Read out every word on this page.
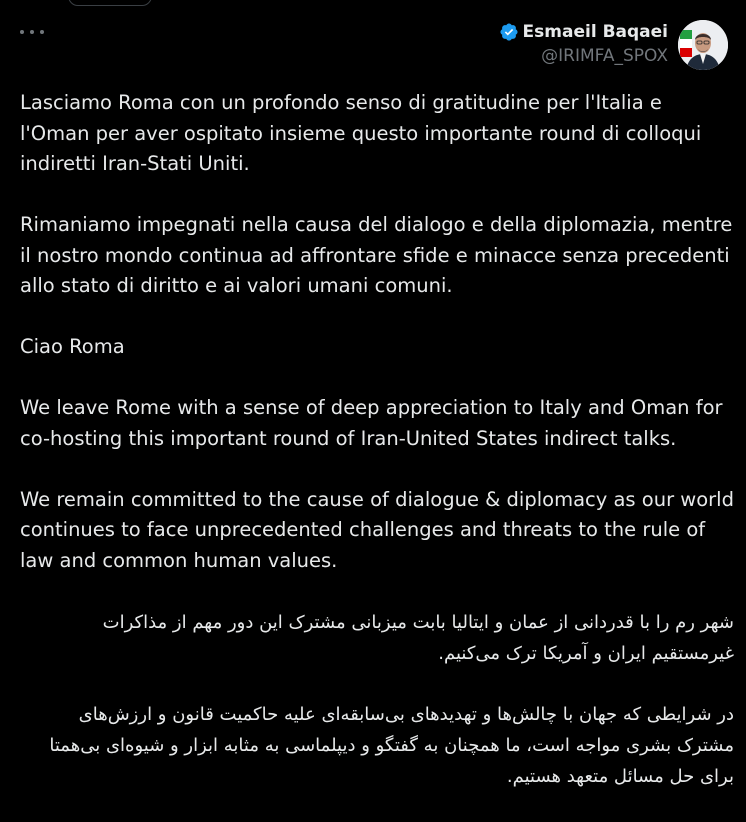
Esmaeil Baqaei
@IRIMFA_SPOX

Lasciamo Roma con un profondo senso di gratitudine per l'Italia e l'Oman per aver ospitato insieme questo importante round di colloqui indiretti Iran-Stati Uniti.

Rimaniamo impegnati nella causa del dialogo e della diplomazia, mentre il nostro mondo continua ad affrontare sfide e minacce senza precedenti allo stato di diritto e ai valori umani comuni.

Ciao Roma

We leave Rome with a sense of deep appreciation to Italy and Oman for co-hosting this important round of Iran-United States indirect talks.

We remain committed to the cause of dialogue & diplomacy as our world continues to face unprecedented challenges and threats to the rule of law and common human values.

شهر رم را با قدردانی از عمان و ایتالیا بابت میزبانی مشترک این دور مهم از مذاکرات غیرمستقیم ایران و آمریکا ترک می‌کنیم.

در شرایطی که جهان با چالش‌ها و تهدیدهای بی‌سابقه‌ای علیه حاکمیت قانون و ارزش‌های مشترک بشری مواجه است، ما همچنان به گفتگو و دیپلماسی به مثابه ابزار و شیوه‌ای بی‌همتا برای حل مسائل متعهد هستیم.
